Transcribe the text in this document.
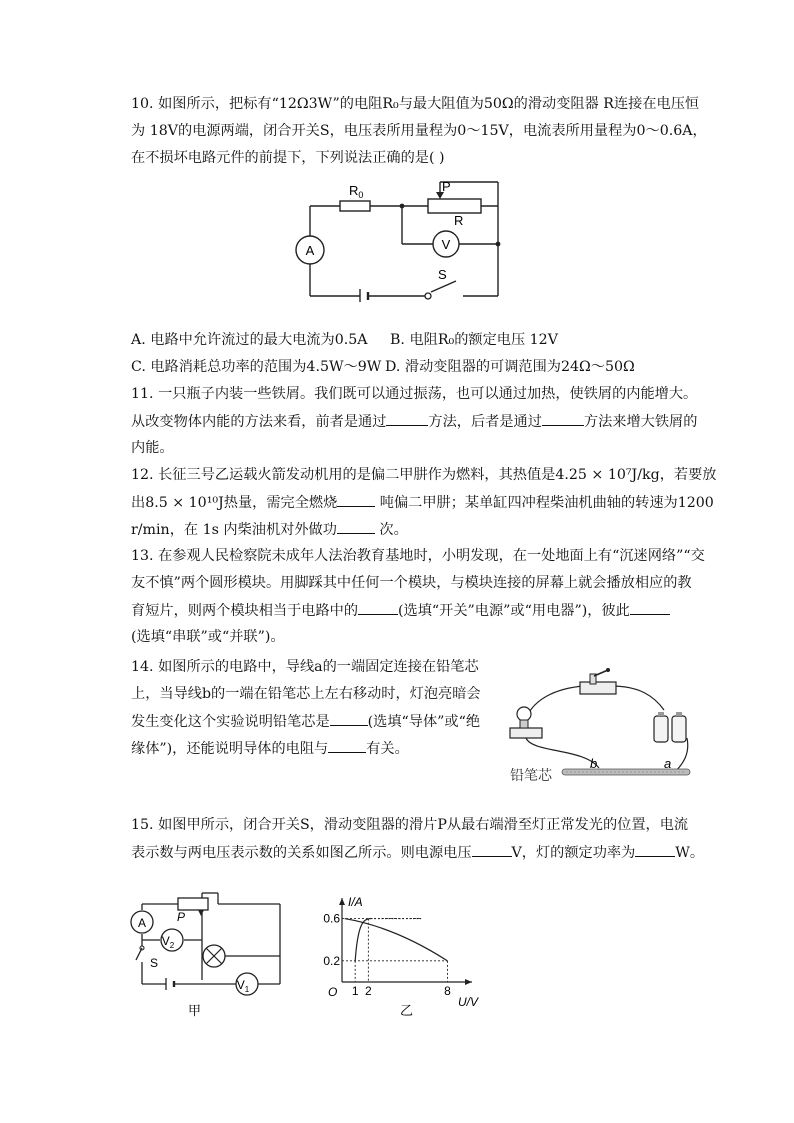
10. 如图所示，把标有“12Ω3W”的电阻R₀与最大阻值为50Ω的滑动变阻器 R连接在电压恒
为 18V的电源两端，闭合开关S，电压表所用量程为0～15V，电流表所用量程为0～0.6A，
在不损坏电路元件的前提下，下列说法正确的是( )
A	V
$R_0$
P
R
S
A. 电路中允许流过的最大电流为0.5A B. 电阻R₀的额定电压 12V
C. 电路消耗总功率的范围为4.5W～9W D. 滑动变阻器的可调范围为24Ω～50Ω
11. 一只瓶子内装一些铁屑。我们既可以通过振荡，也可以通过加热，使铁屑的内能增大。
从改变物体内能的方法来看，前者是通过	方法，后者是通过	方法来增大铁屑的
内能。
12. 长征三号乙运载火箭发动机用的是偏二甲肼作为燃料，其热值是4.25 × 10⁷J/kg，若要放
出8.5 × 10¹⁰J热量，需完全燃烧	吨偏二甲肼；某单缸四冲程柴油机曲轴的转速为1200
r/min，在 1s 内柴油机对外做功	次。
13. 在参观人民检察院未成年人法治教育基地时，小明发现，在一处地面上有“沉迷网络”“交
友不慎”两个圆形模块。用脚踩其中任何一个模块，与模块连接的屏幕上就会播放相应的教
育短片，则两个模块相当于电路中的	(选填“开关”电源”或“用电器”)，彼此
(选填“串联”或“并联”)。
14. 如图所示的电路中，导线a的一端固定连接在铅笔芯
上，当导线b的一端在铅笔芯上左右移动时，灯泡亮暗会
发生变化这个实验说明铅笔芯是	(选填“导体”或“绝
缘体”)，还能说明导体的电阻与	有关。
铅笔芯
b	a
15. 如图甲所示，闭合开关S，滑动变阻器的滑片P从最右端滑至灯正常发光的位置，电流
表示数与两电压表示数的关系如图乙所示。则电源电压	V，灯的额定功率为	W。
A	P
$V_2$
$V_1$
S
甲
I/A
U/V
O
0.2
0.6
1 2	8
乙
